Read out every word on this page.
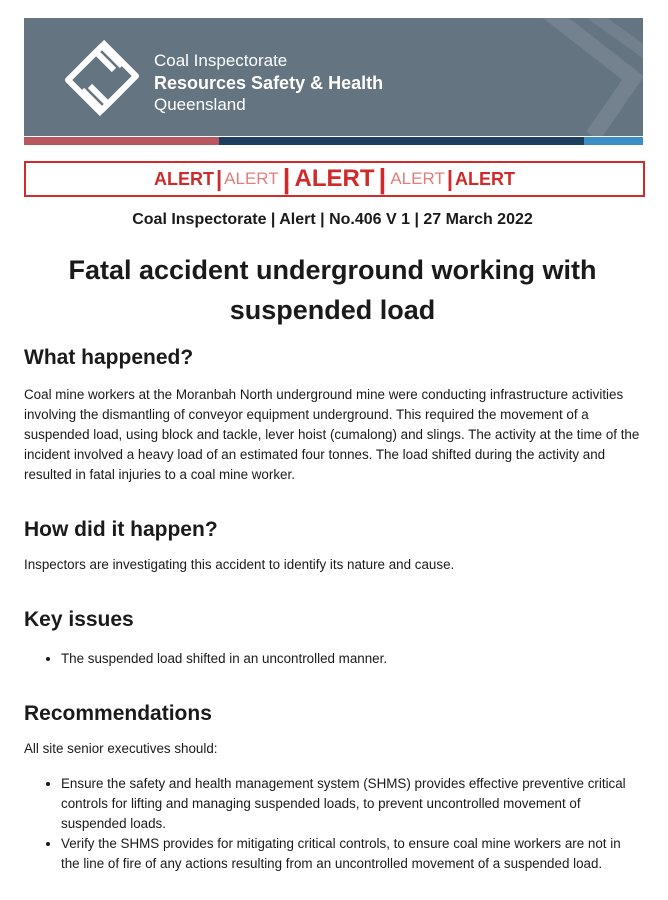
Coal Inspectorate
Resources Safety & Health
Queensland
ALERT| ALERT | ALERT | ALERT| ALERT
Coal Inspectorate | Alert | No.406 V 1 | 27 March 2022
Fatal accident underground working with
suspended load
What happened?

Coal mine workers at the Moranbah North underground mine were conducting infrastructure activities involving the dismantling of conveyor equipment underground. This required the movement of a suspended load, using block and tackle, lever hoist (cumalong) and slings. The activity at the time of the incident involved a heavy load of an estimated four tonnes. The load shifted during the activity and resulted in fatal injuries to a coal mine worker.

How did it happen?

Inspectors are investigating this accident to identify its nature and cause.

Key issues
• The suspended load shifted in an uncontrolled manner.
Recommendations

All site senior executives should:

• Ensure the safety and health management system (SHMS) provides effective preventive critical controls for lifting and managing suspended loads, to prevent uncontrolled movement of suspended loads.
• Verify the SHMS provides for mitigating critical controls, to ensure coal mine workers are not in the line of fire of any actions resulting from an uncontrolled movement of a suspended load.
